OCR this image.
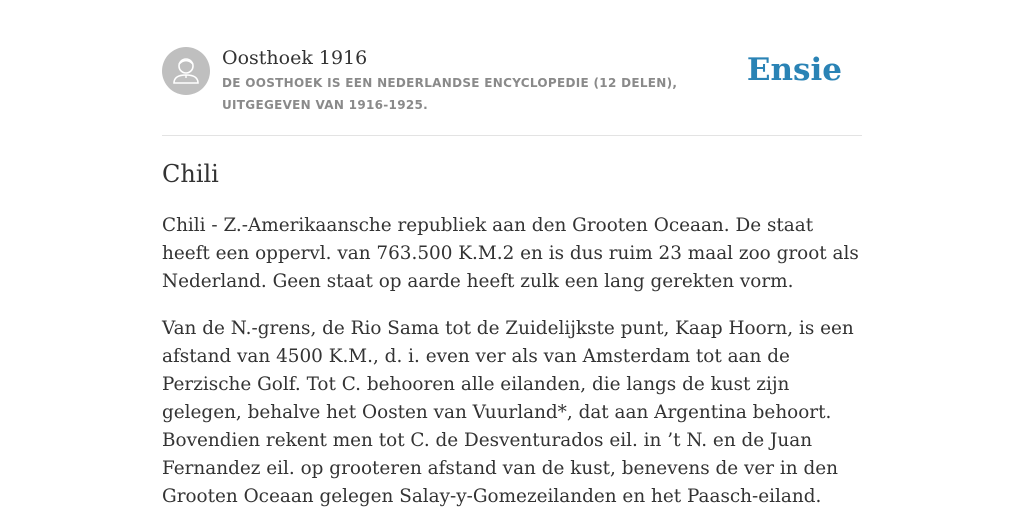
Oosthoek 1916
DE OOSTHOEK IS EEN NEDERLANDSE ENCYCLOPEDIE (12 DELEN), UITGEGEVEN VAN 1916-1925.
Ensie
Chili

Chili - Z.-Amerikaansche republiek aan den Grooten Oceaan. De staat heeft een oppervl. van 763.500 K.M.2 en is dus ruim 23 maal zoo groot als Nederland. Geen staat op aarde heeft zulk een lang gerekten vorm.

Van de N.-grens, de Rio Sama tot de Zuidelijkste punt, Kaap Hoorn, is een afstand van 4500 K.M., d. i. even ver als van Amsterdam tot aan de Perzische Golf. Tot C. behooren alle eilanden, die langs de kust zijn gelegen, behalve het Oosten van Vuurland*, dat aan Argentina behoort. Bovendien rekent men tot C. de Desventurados eil. in ’t N. en de Juan Fernandez eil. op grooteren afstand van de kust, benevens de ver in den Grooten Oceaan gelegen Salay-y-Gomezeilanden en het Paasch-eiland.
